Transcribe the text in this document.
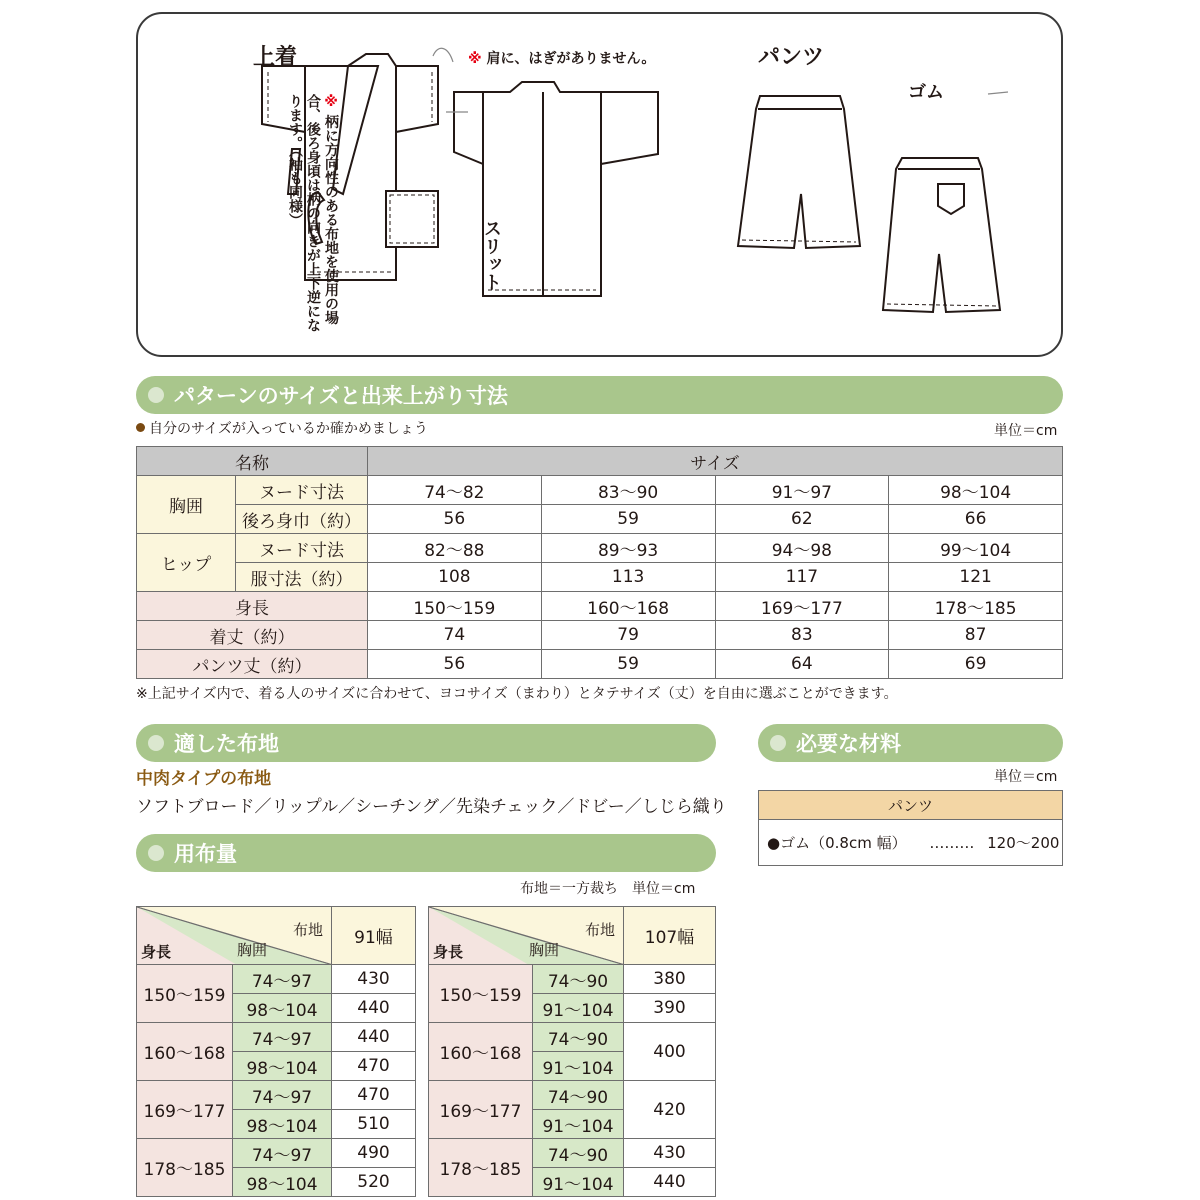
上着	※ 肩に、はぎがありません。
※ 柄に方向性のある布地を使用の場合、後ろ身頃は柄の向きが上下逆になります。（袖も同様）
スリット
パンツ
ゴム
パターンのサイズと出来上がり寸法
自分のサイズが入っているか確かめましょう	単位＝cm
名称		サイズ			
胸囲	ヌード寸法	74～82	83～90	91～97	98～104
	後ろ身巾（約）	56	59	62	66
ヒップ	ヌード寸法	82～88	89～93	94～98	99～104
	服寸法（約）	108	113	117	121
身長		150～159	160～168	169～177	178～185
着丈（約）		74	79	83	87
パンツ丈（約）		56	59	64	69
※上記サイズ内で、着る人のサイズに合わせて、ヨコサイズ（まわり）とタテサイズ（丈）を自由に選ぶことができます。
適した布地
中肉タイプの布地
ソフトブロード／リップル／シーチング／先染チェック／ドビー／しじら織り
必要な材料
単位＝cm
パンツ
●ゴム（0.8cm 幅） ……… 120～200
用布量
布地＝一方裁ち　単位＝cm
布地
胸囲
身長		91幅
150～159	74～97	430
	98～104	440
160～168	74～97	440
	98～104	470
169～177	74～97	470
	98～104	510
178～185	74～97	490
	98～104	520
布地
胸囲
身長		107幅
150～159	74～90	380
	91～104	390
160～168	74～90	400
	91～104	
169～177	74～90	420
	91～104	
178～185	74～90	430
	91～104	440
